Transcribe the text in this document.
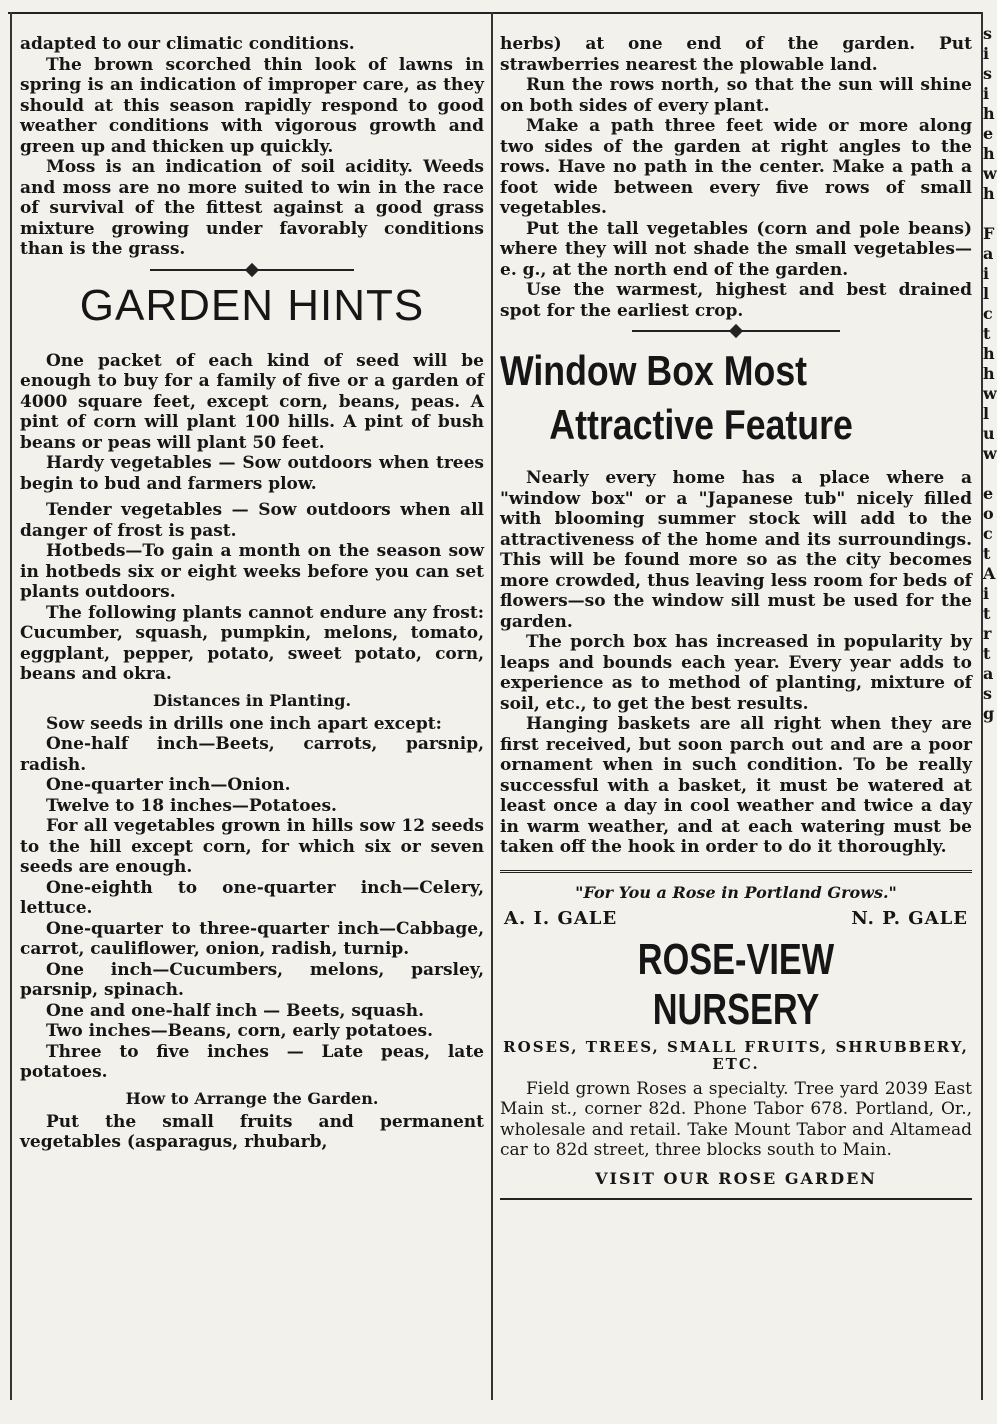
adapted to our climatic conditions.

The brown scorched thin look of lawns in spring is an indication of improper care, as they should at this season rapidly respond to good weather conditions with vigorous growth and green up and thicken up quickly.

Moss is an indication of soil acidity. Weeds and moss are no more suited to win in the race of survival of the fittest against a good grass mixture growing under favorably conditions than is the grass.

GARDEN HINTS

One packet of each kind of seed will be enough to buy for a family of five or a garden of 4000 square feet, except corn, beans, peas. A pint of corn will plant 100 hills. A pint of bush beans or peas will plant 50 feet.

Hardy vegetables — Sow outdoors when trees begin to bud and farmers plow.

Tender vegetables — Sow outdoors when all danger of frost is past.

Hotbeds—To gain a month on the season sow in hotbeds six or eight weeks before you can set plants outdoors.

The following plants cannot endure any frost: Cucumber, squash, pumpkin, melons, tomato, eggplant, pepper, potato, sweet potato, corn, beans and okra.

Distances in Planting.

Sow seeds in drills one inch apart except:

One-half inch—Beets, carrots, parsnip, radish.

One-quarter inch—Onion.

Twelve to 18 inches—Potatoes.

For all vegetables grown in hills sow 12 seeds to the hill except corn, for which six or seven seeds are enough.

One-eighth to one-quarter inch—Celery, lettuce.

One-quarter to three-quarter inch—Cabbage, carrot, cauliflower, onion, radish, turnip.

One inch—Cucumbers, melons, parsley, parsnip, spinach.

One and one-half inch — Beets, squash.

Two inches—Beans, corn, early potatoes.

Three to five inches — Late peas, late potatoes.

How to Arrange the Garden.

Put the small fruits and permanent vegetables (asparagus, rhubarb,

herbs) at one end of the garden. Put strawberries nearest the plowable land.

Run the rows north, so that the sun will shine on both sides of every plant.

Make a path three feet wide or more along two sides of the garden at right angles to the rows. Have no path in the center. Make a path a foot wide between every five rows of small vegetables.

Put the tall vegetables (corn and pole beans) where they will not shade the small vegetables—e. g., at the north end of the garden.

Use the warmest, highest and best drained spot for the earliest crop.

Window Box Most
Attractive Feature

Nearly every home has a place where a "window box" or a "Japanese tub" nicely filled with blooming summer stock will add to the attractiveness of the home and its surroundings. This will be found more so as the city becomes more crowded, thus leaving less room for beds of flowers—so the window sill must be used for the garden.

The porch box has increased in popularity by leaps and bounds each year. Every year adds to experience as to method of planting, mixture of soil, etc., to get the best results.

Hanging baskets are all right when they are first received, but soon parch out and are a poor ornament when in such condition. To be really successful with a basket, it must be watered at least once a day in cool weather and twice a day in warm weather, and at each watering must be taken off the hook in order to do it thoroughly.

"For You a Rose in Portland Grows."
A. I. GALE	N. P. GALE
ROSE-VIEW NURSERY
ROSES, TREES, SMALL FRUITS, SHRUBBERY, ETC.

Field grown Roses a specialty. Tree yard 2039 East Main st., corner 82d. Phone Tabor 678. Portland, Or., wholesale and retail. Take Mount Tabor and Altamead car to 82d street, three blocks south to Main.

VISIT OUR ROSE GARDEN
s
i
s
i
h
e
h
w
h

F
a
i
l
c
t
h
h
w
l
u
w

e
o
c
t
A
i
t
r
t
a
s
g
